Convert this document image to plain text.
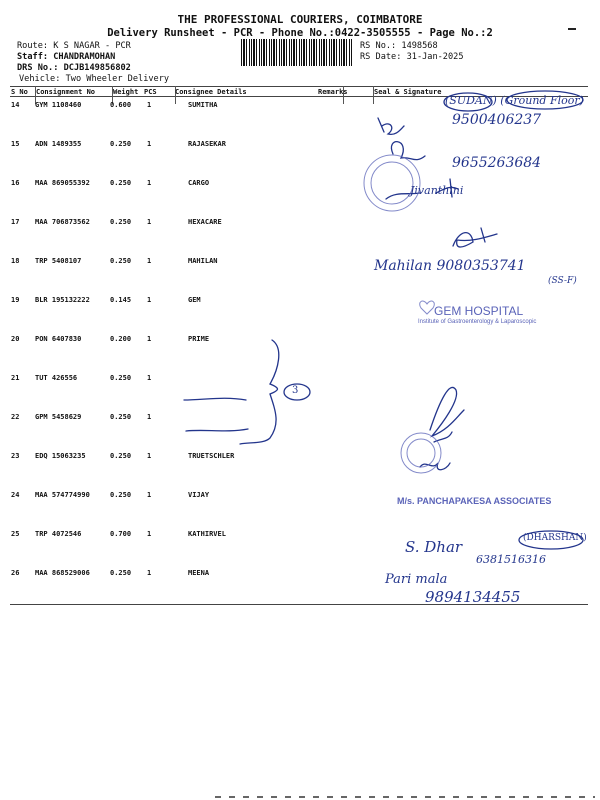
THE PROFESSIONAL COURIERS, COIMBATORE
Delivery Runsheet - PCR - Phone No.:0422-3505555 - Page No.:2
Route: K S NAGAR - PCR
Staff: CHANDRAMOHAN
DRS No.: DCJB149856802
Vehicle: Two Wheeler Delivery
RS No.: 1498568
RS Date: 31-Jan-2025
S No Consignment No	Weight PCS	Consignee Details	Remarks	Seal & Signature
14 GYM 1108460	0.600 1	SUMITHA
15 ADN 1489355	0.250 1	RAJASEKAR
16 MAA 869055392	0.250 1	CARGO
17 MAA 706873562	0.250 1	HEXACARE
18 TRP 5408107	0.250 1	MAHILAN
19 BLR 195132222	0.145 1	GEM
20 PON 6407830	0.200 1	PRIME
21 TUT 426556	0.250 1
22 GPM 5458629	0.250 1
23 EDQ 15063235	0.250 1	TRUETSCHLER
24 MAA 574774990	0.250 1	VIJAY
25 TRP 4072546	0.700 1	KATHIRVEL
26 MAA 868529006	0.250 1	MEENA
(SUDAN) (Ground Floor)
9500406237
9655263684
Jivanthini
Mahilan 9080353741
(SS-F)
3
S. Dhar	(DHARSHAN)
6381516316
Pari mala
9894134455
GEM HOSPITAL
Institute of Gastroenterology & Laparoscopic
M/s. PANCHAPAKESA ASSOCIATES
